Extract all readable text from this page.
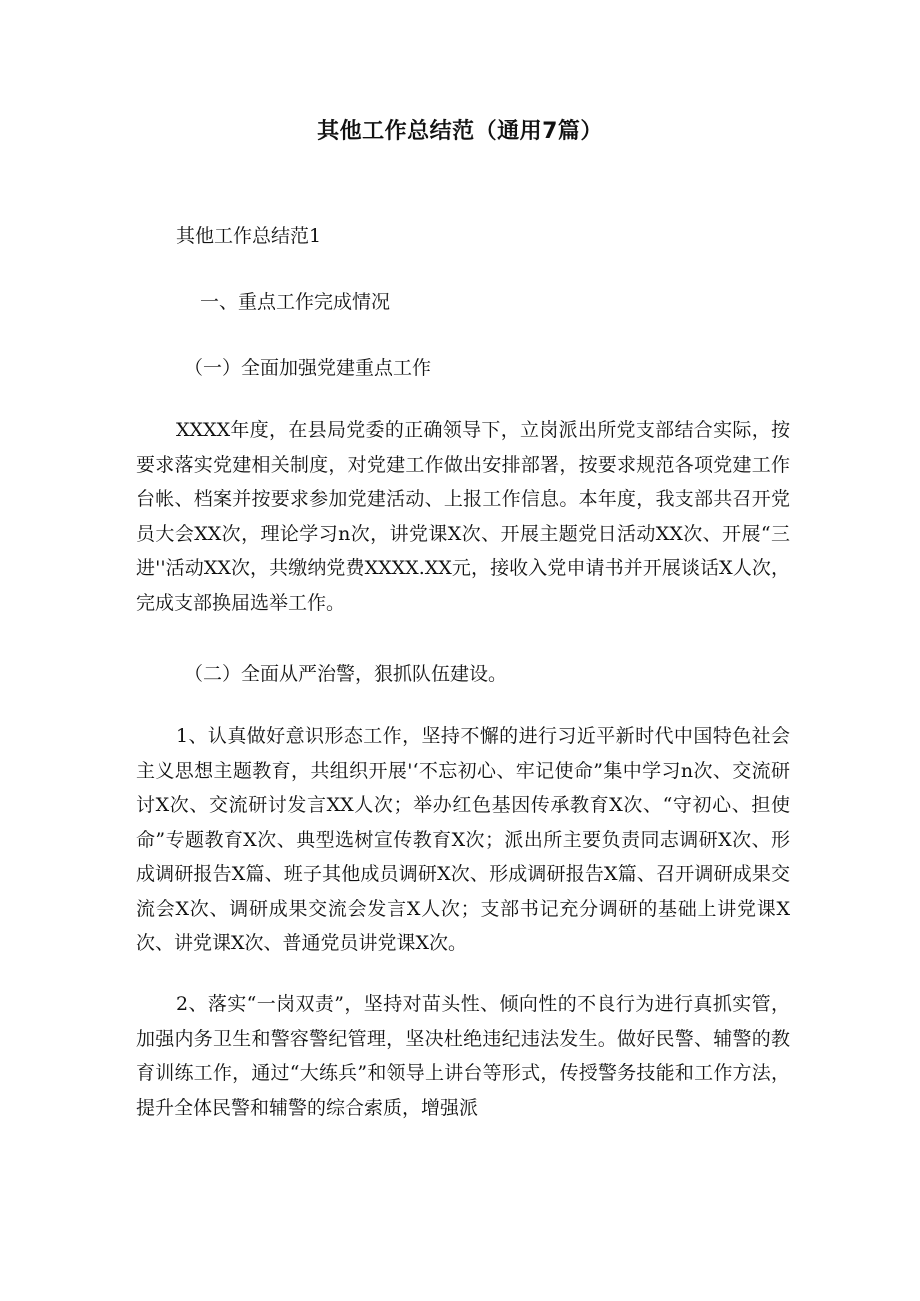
其他工作总结范（通用7篇）

其他工作总结范1

一、重点工作完成情况

（一）全面加强党建重点工作

XXXX年度，在县局党委的正确领导下，立岗派出所党支部结合实际，按要求落实党建相关制度，对党建工作做出安排部署，按要求规范各项党建工作台帐、档案并按要求参加党建活动、上报工作信息。本年度，我支部共召开党员大会XX次，理论学习n次，讲党课X次、开展主题党日活动XX次、开展“三进''活动XX次，共缴纳党费XXXX.XX元，接收入党申请书并开展谈话X人次，完成支部换届选举工作。

（二）全面从严治警，狠抓队伍建设。

1、认真做好意识形态工作，坚持不懈的进行习近平新时代中国特色社会主义思想主题教育，共组织开展'‘不忘初心、牢记使命”集中学习n次、交流研讨X次、交流研讨发言XX人次；举办红色基因传承教育X次、“守初心、担使命”专题教育X次、典型选树宣传教育X次；派出所主要负责同志调研X次、形成调研报告X篇、班子其他成员调研X次、形成调研报告X篇、召开调研成果交流会X次、调研成果交流会发言X人次；支部书记充分调研的基础上讲党课X次、讲党课X次、普通党员讲党课X次。

2、落实“一岗双责”，坚持对苗头性、倾向性的不良行为进行真抓实管，加强内务卫生和警容警纪管理，坚决杜绝违纪违法发生。做好民警、辅警的教育训练工作，通过“大练兵”和领导上讲台等形式，传授警务技能和工作方法，提升全体民警和辅警的综合索质，增强派
